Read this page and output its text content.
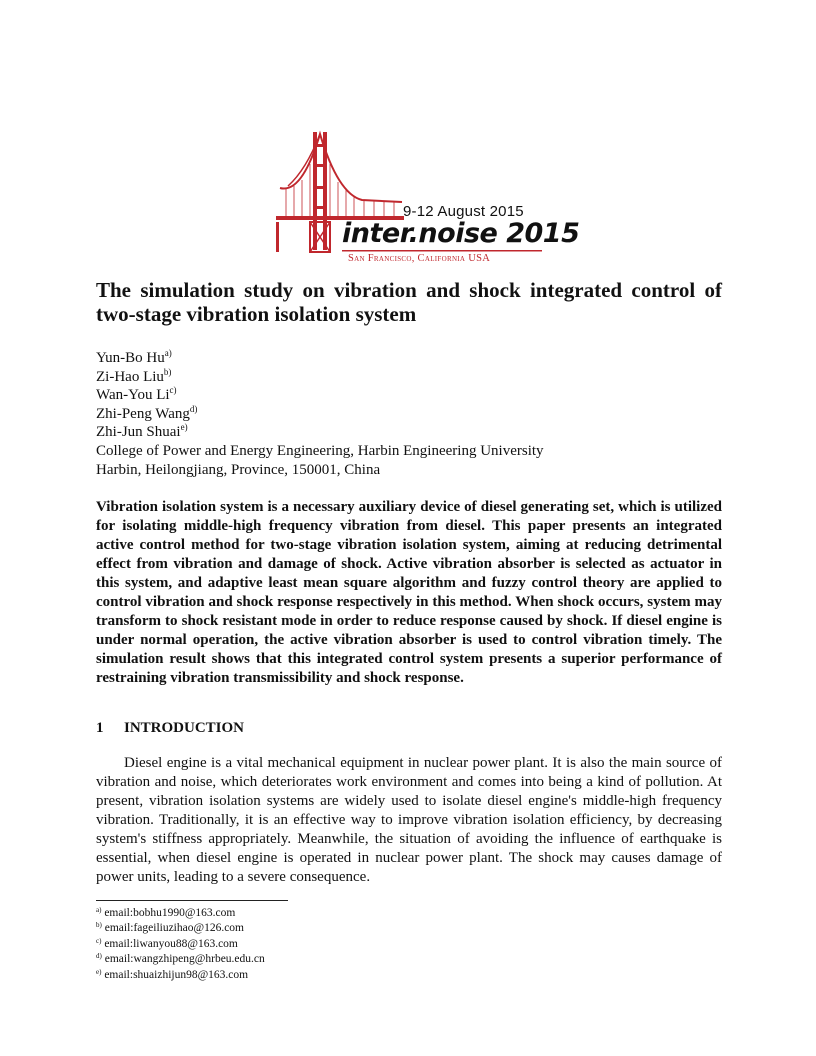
9-12 August 2015
inter.noise 2015
San Francisco, California USA
The simulation study on vibration and shock integrated control of two-stage vibration isolation system
Yun-Bo Hu$^{a)}$
Zi-Hao Liu$^{b)}$
Wan-You Li$^{c)}$
Zhi-Peng Wang$^{d)}$
Zhi-Jun Shuai$^{e)}$
College of Power and Energy Engineering, Harbin Engineering University
Harbin, Heilongjiang, Province, 150001, China

Vibration isolation system is a necessary auxiliary device of diesel generating set, which is utilized for isolating middle-high frequency vibration from diesel. This paper presents an integrated active control method for two-stage vibration isolation system, aiming at reducing detrimental effect from vibration and damage of shock. Active vibration absorber is selected as actuator in this system, and adaptive least mean square algorithm and fuzzy control theory are applied to control vibration and shock response respectively in this method. When shock occurs, system may transform to shock resistant mode in order to reduce response caused by shock. If diesel engine is under normal operation, the active vibration absorber is used to control vibration timely. The simulation result shows that this integrated control system presents a superior performance of restraining vibration transmissibility and shock response.

1 INTRODUCTION

Diesel engine is a vital mechanical equipment in nuclear power plant. It is also the main source of vibration and noise, which deteriorates work environment and comes into being a kind of pollution. At present, vibration isolation systems are widely used to isolate diesel engine's middle-high frequency vibration. Traditionally, it is an effective way to improve vibration isolation efficiency, by decreasing system's stiffness appropriately. Meanwhile, the situation of avoiding the influence of earthquake is essential, when diesel engine is operated in nuclear power plant. The shock may causes damage of power units, leading to a severe consequence.

$^{a)}$ email:bobhu1990@163.com
$^{b)}$ email:fageiliuzihao@126.com
$^{c)}$ email:liwanyou88@163.com
$^{d)}$ email:wangzhipeng@hrbeu.edu.cn
$^{e)}$ email:shuaizhijun98@163.com
